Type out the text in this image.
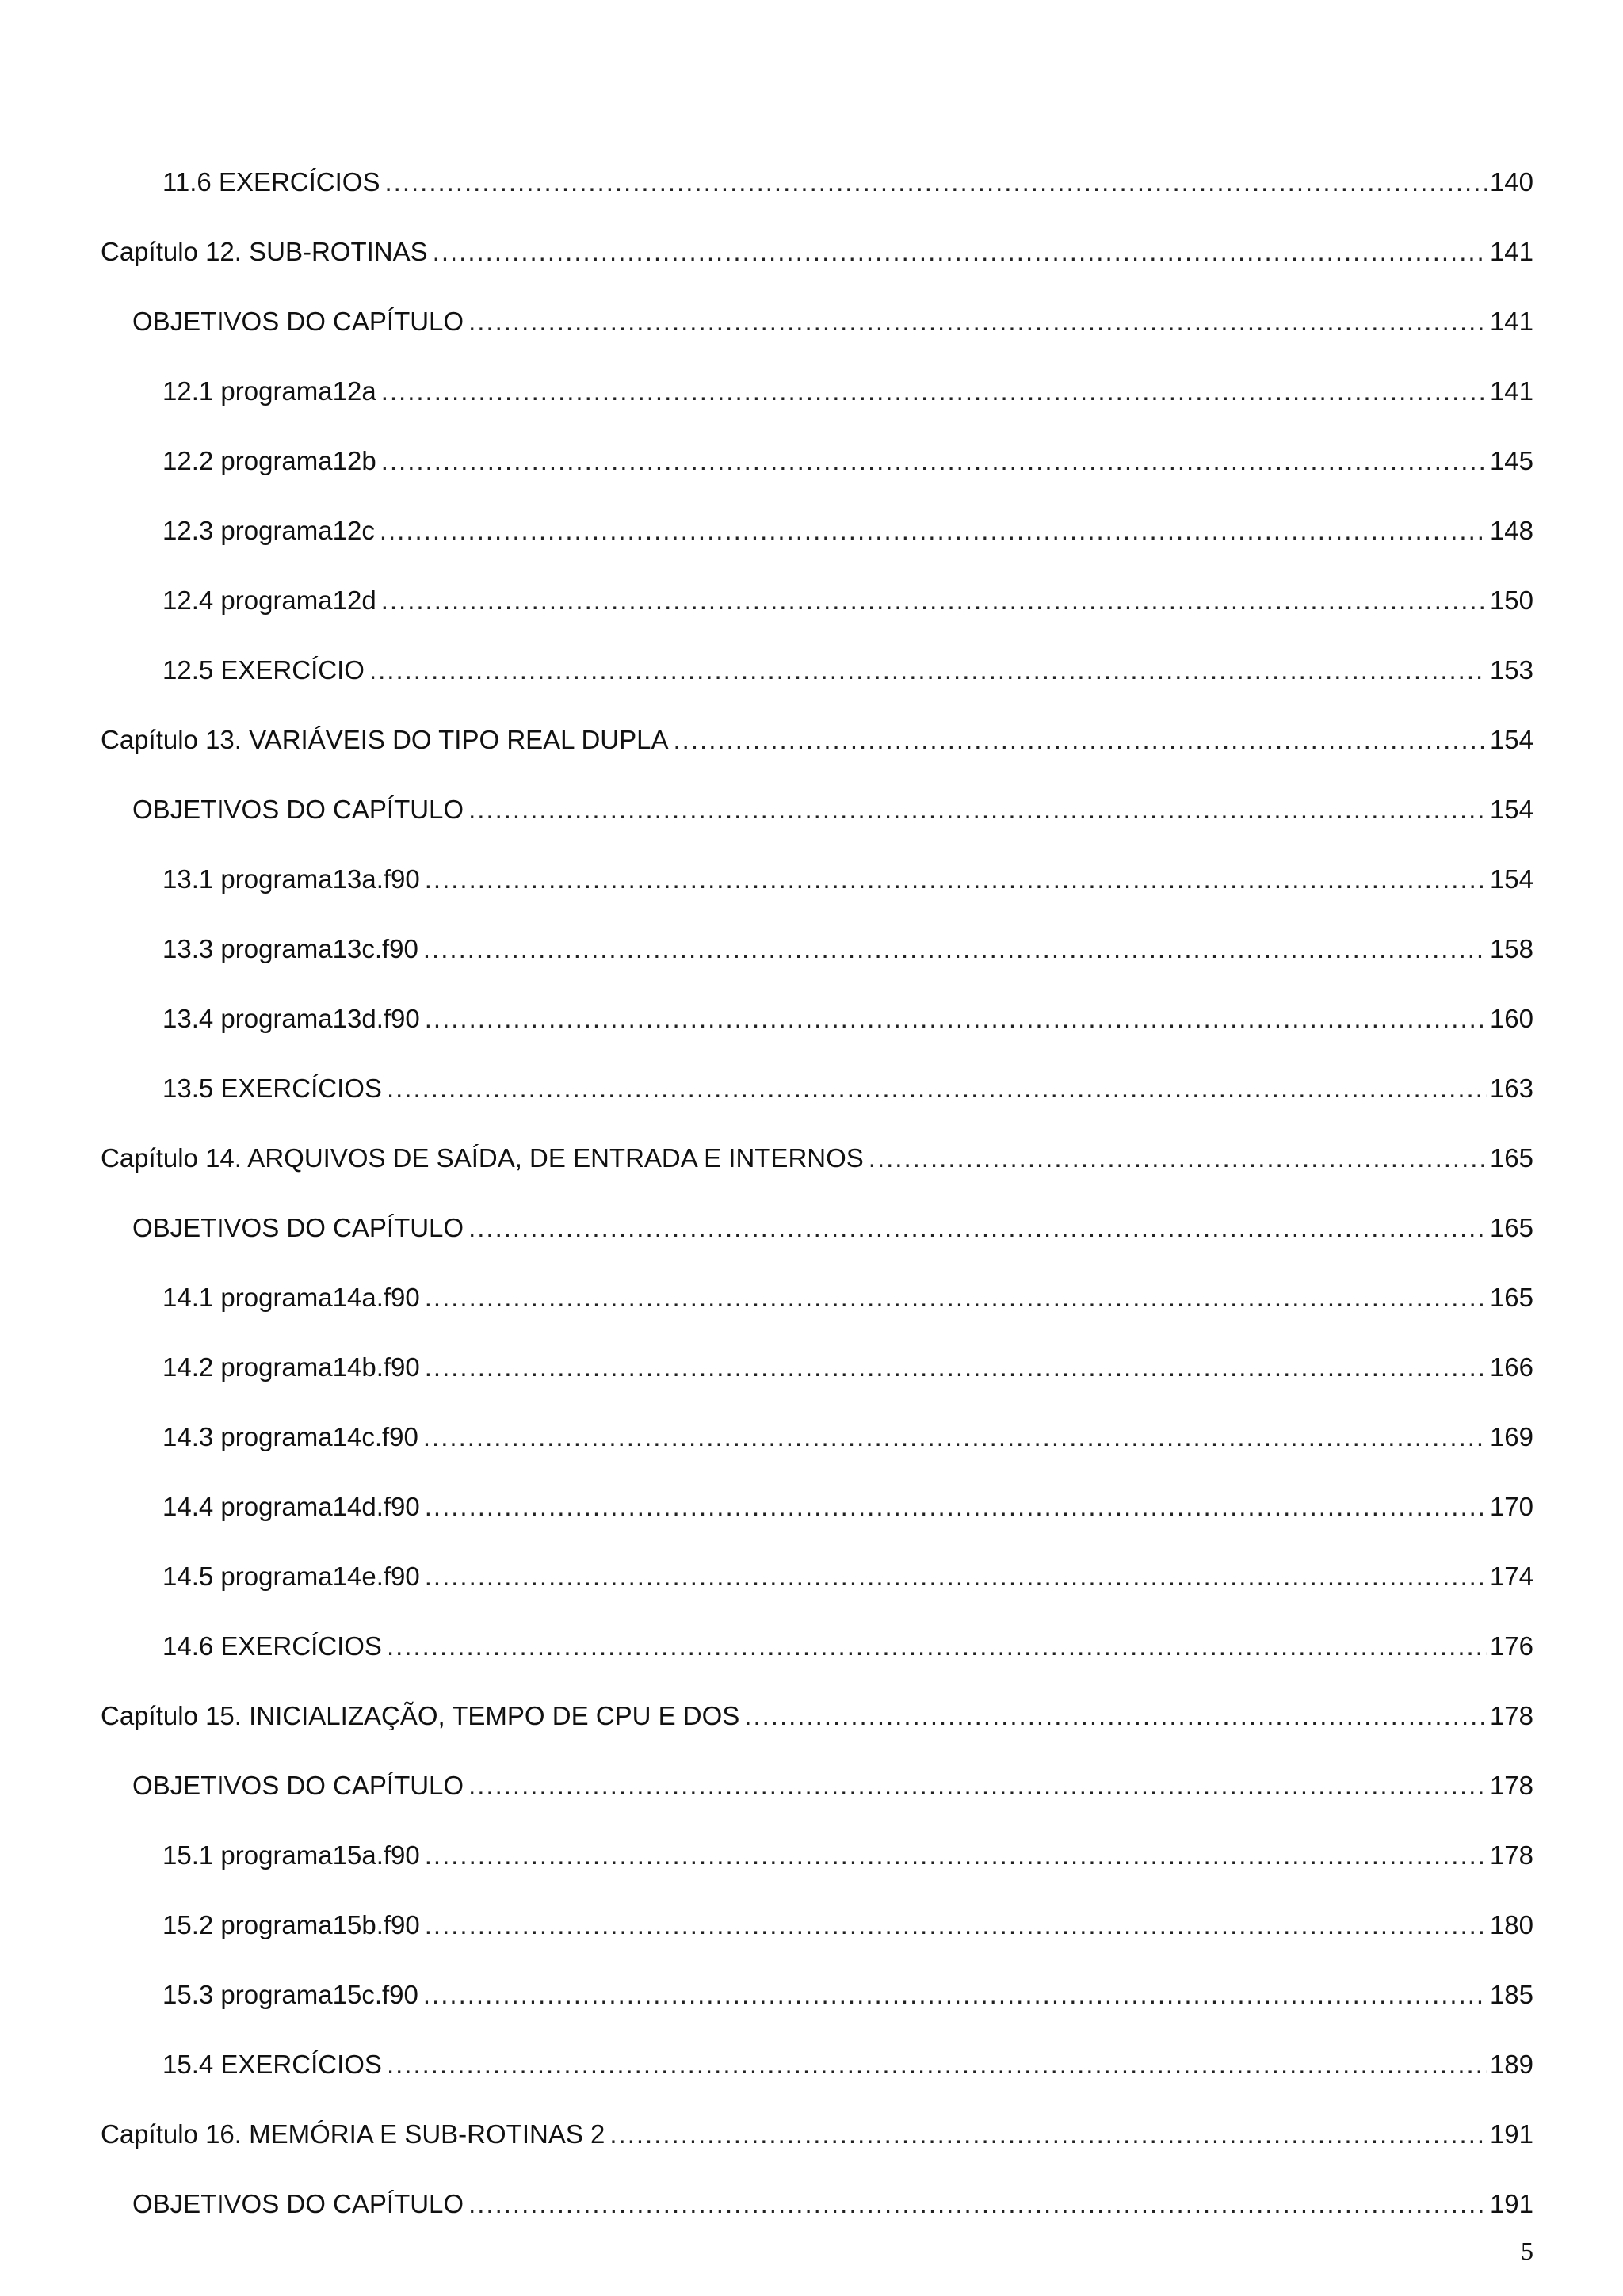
11.6 EXERCÍCIOS .....	140
Capítulo 12. SUB-ROTINAS .....	141
OBJETIVOS DO CAPÍTULO .....	141
12.1 programa12a .....	141
12.2 programa12b .....	145
12.3 programa12c .....	148
12.4 programa12d .....	150
12.5 EXERCÍCIO .....	153
Capítulo 13. VARIÁVEIS DO TIPO REAL DUPLA .....	154
OBJETIVOS DO CAPÍTULO .....	154
13.1 programa13a.f90 .....	154
13.3 programa13c.f90 .....	158
13.4 programa13d.f90 .....	160
13.5 EXERCÍCIOS .....	163
Capítulo 14. ARQUIVOS DE SAÍDA, DE ENTRADA E INTERNOS .....	165
OBJETIVOS DO CAPÍTULO .....	165
14.1 programa14a.f90 .....	165
14.2 programa14b.f90 .....	166
14.3 programa14c.f90 .....	169
14.4 programa14d.f90 .....	170
14.5 programa14e.f90 .....	174
14.6 EXERCÍCIOS .....	176
Capítulo 15. INICIALIZAÇÃO, TEMPO DE CPU E DOS .....	178
OBJETIVOS DO CAPÍTULO .....	178
15.1 programa15a.f90 .....	178
15.2 programa15b.f90 .....	180
15.3 programa15c.f90 .....	185
15.4 EXERCÍCIOS .....	189
Capítulo 16. MEMÓRIA E SUB-ROTINAS 2 .....	191
OBJETIVOS DO CAPÍTULO .....	191
5
